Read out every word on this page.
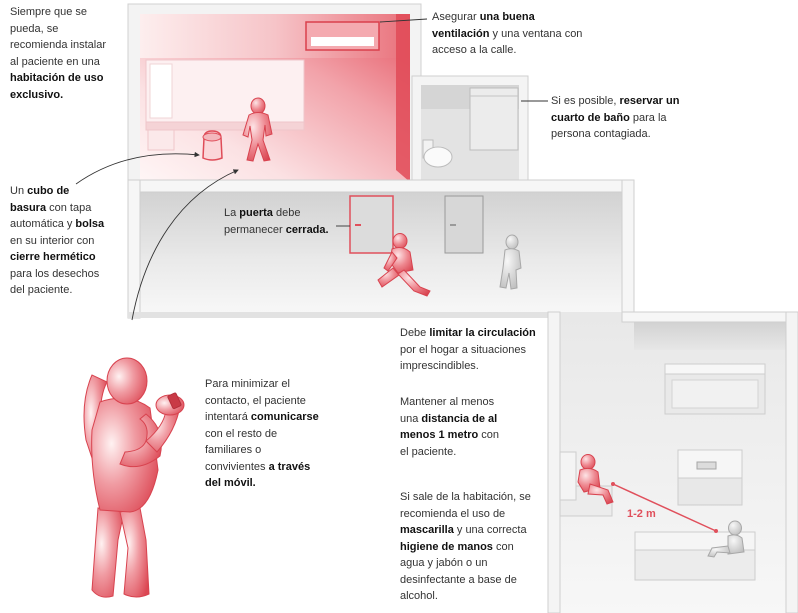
Siempre que se
pueda, se
recomienda instalar
al paciente en una
habitación de uso
exclusivo.
Asegurar una buena
ventilación y una ventana con
acceso a la calle.
Si es posible, reservar un
cuarto de baño para la
persona contagiada.
Un cubo de
basura con tapa
automática y bolsa
en su interior con
cierre hermético
para los desechos
del paciente.
La puerta debe
permanecer cerrada.
Para minimizar el
contacto, el paciente
intentará comunicarse
con el resto de
familiares o
convivientes a través
del móvil.
Debe limitar la circulación
por el hogar a situaciones
imprescindibles.
Mantener al menos
una distancia de al
menos 1 metro con
el paciente.
Si sale de la habitación, se
recomienda el uso de
mascarilla y una correcta
higiene de manos con
agua y jabón o un
desinfectante a base de
alcohol.
1-2 m
